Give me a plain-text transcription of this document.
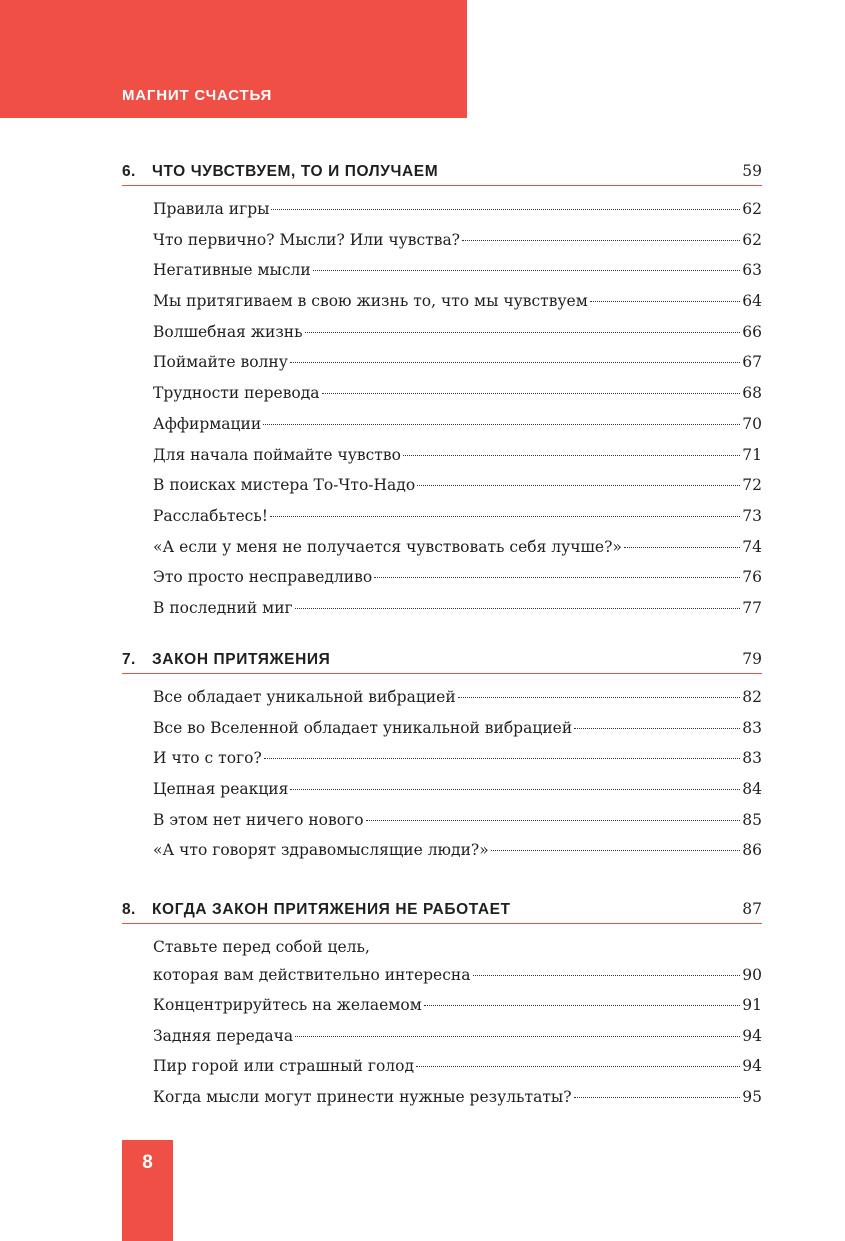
МАГНИТ СЧАСТЬЯ
6.	ЧТО ЧУВСТВУЕМ, ТО И ПОЛУЧАЕМ	59
Правила игры	62
Что первично? Мысли? Или чувства?	62
Негативные мысли	63
Мы притягиваем в свою жизнь то, что мы чувствуем	64
Волшебная жизнь	66
Поймайте волну	67
Трудности перевода	68
Аффирмации	70
Для начала поймайте чувство	71
В поисках мистера То-Что-Надо	72
Расслабьтесь!	73
«А если у меня не получается чувствовать себя лучше?»	74
Это просто несправедливо	76
В последний миг	77
7.	ЗАКОН ПРИТЯЖЕНИЯ	79
Все обладает уникальной вибрацией	82
Все во Вселенной обладает уникальной вибрацией	83
И что с того?	83
Цепная реакция	84
В этом нет ничего нового	85
«А что говорят здравомыслящие люди?»	86
8.	КОГДА ЗАКОН ПРИТЯЖЕНИЯ НЕ РАБОТАЕТ	87
Ставьте перед собой цель,
которая вам действительно интересна	90
Концентрируйтесь на желаемом	91
Задняя передача	94
Пир горой или страшный голод	94
Когда мысли могут принести нужные результаты?	95
8
